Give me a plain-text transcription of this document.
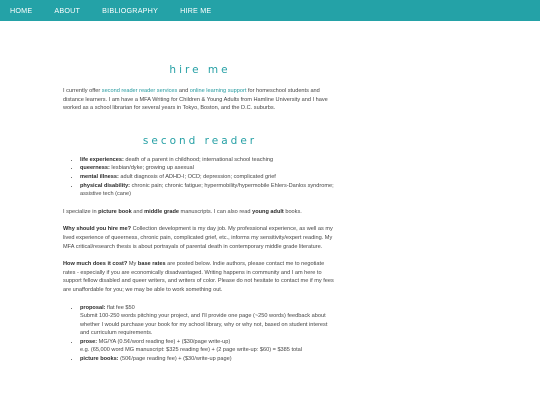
HOME	ABOUT	BIBLIOGRAPHY	HIRE ME
hire me

I currently offer second reader reader services and online learning support for homeschool students and distance learners. I am have a MFA Writing for Children & Young Adults from Hamline University and I have worked as a school librarian for several years in Tokyo, Boston, and the D.C. suburbs.

second reader
• life experiences: death of a parent in childhood; international school teaching
• queerness: lesbian/dyke; growing up asexual
• mental illness: adult diagnosis of ADHD-I; OCD; depression; complicated grief
• physical disability: chronic pain; chronic fatigue; hypermobility/hypermobile Ehlers-Danlos syndrome; assistive tech (cane)

I specialize in picture book and middle grade manuscripts. I can also read young adult books.

Why should you hire me? Collection development is my day job. My professional experience, as well as my lived experience of queerness, chronic pain, complicated grief, etc., informs my sensitivity/expert reading. My MFA critical/research thesis is about portrayals of parental death in contemporary middle grade literature.

How much does it cost? My base rates are posted below. Indie authors, please contact me to negotiate rates - especially if you are economically disadvantaged. Writing happens in community and I am here to support fellow disabled and queer writers, and writers of color. Please do not hesitate to contact me if my fees are unaffordable for you; we may be able to work something out.

• proposal: flat fee $50
Submit 100-250 words pitching your project, and I'll provide one page (~250 words) feedback about whether I would purchase your book for my school library, why or why not, based on student interest and curriculum requirements.
• prose: MG/YA (0.5¢/word reading fee) + ($30/page write-up)
e.g. (65,000 word MG manuscript: $325 reading fee) + (2 page write-up: $60) = $385 total
• picture books: (50¢/page reading fee) + ($30/write-up page)
